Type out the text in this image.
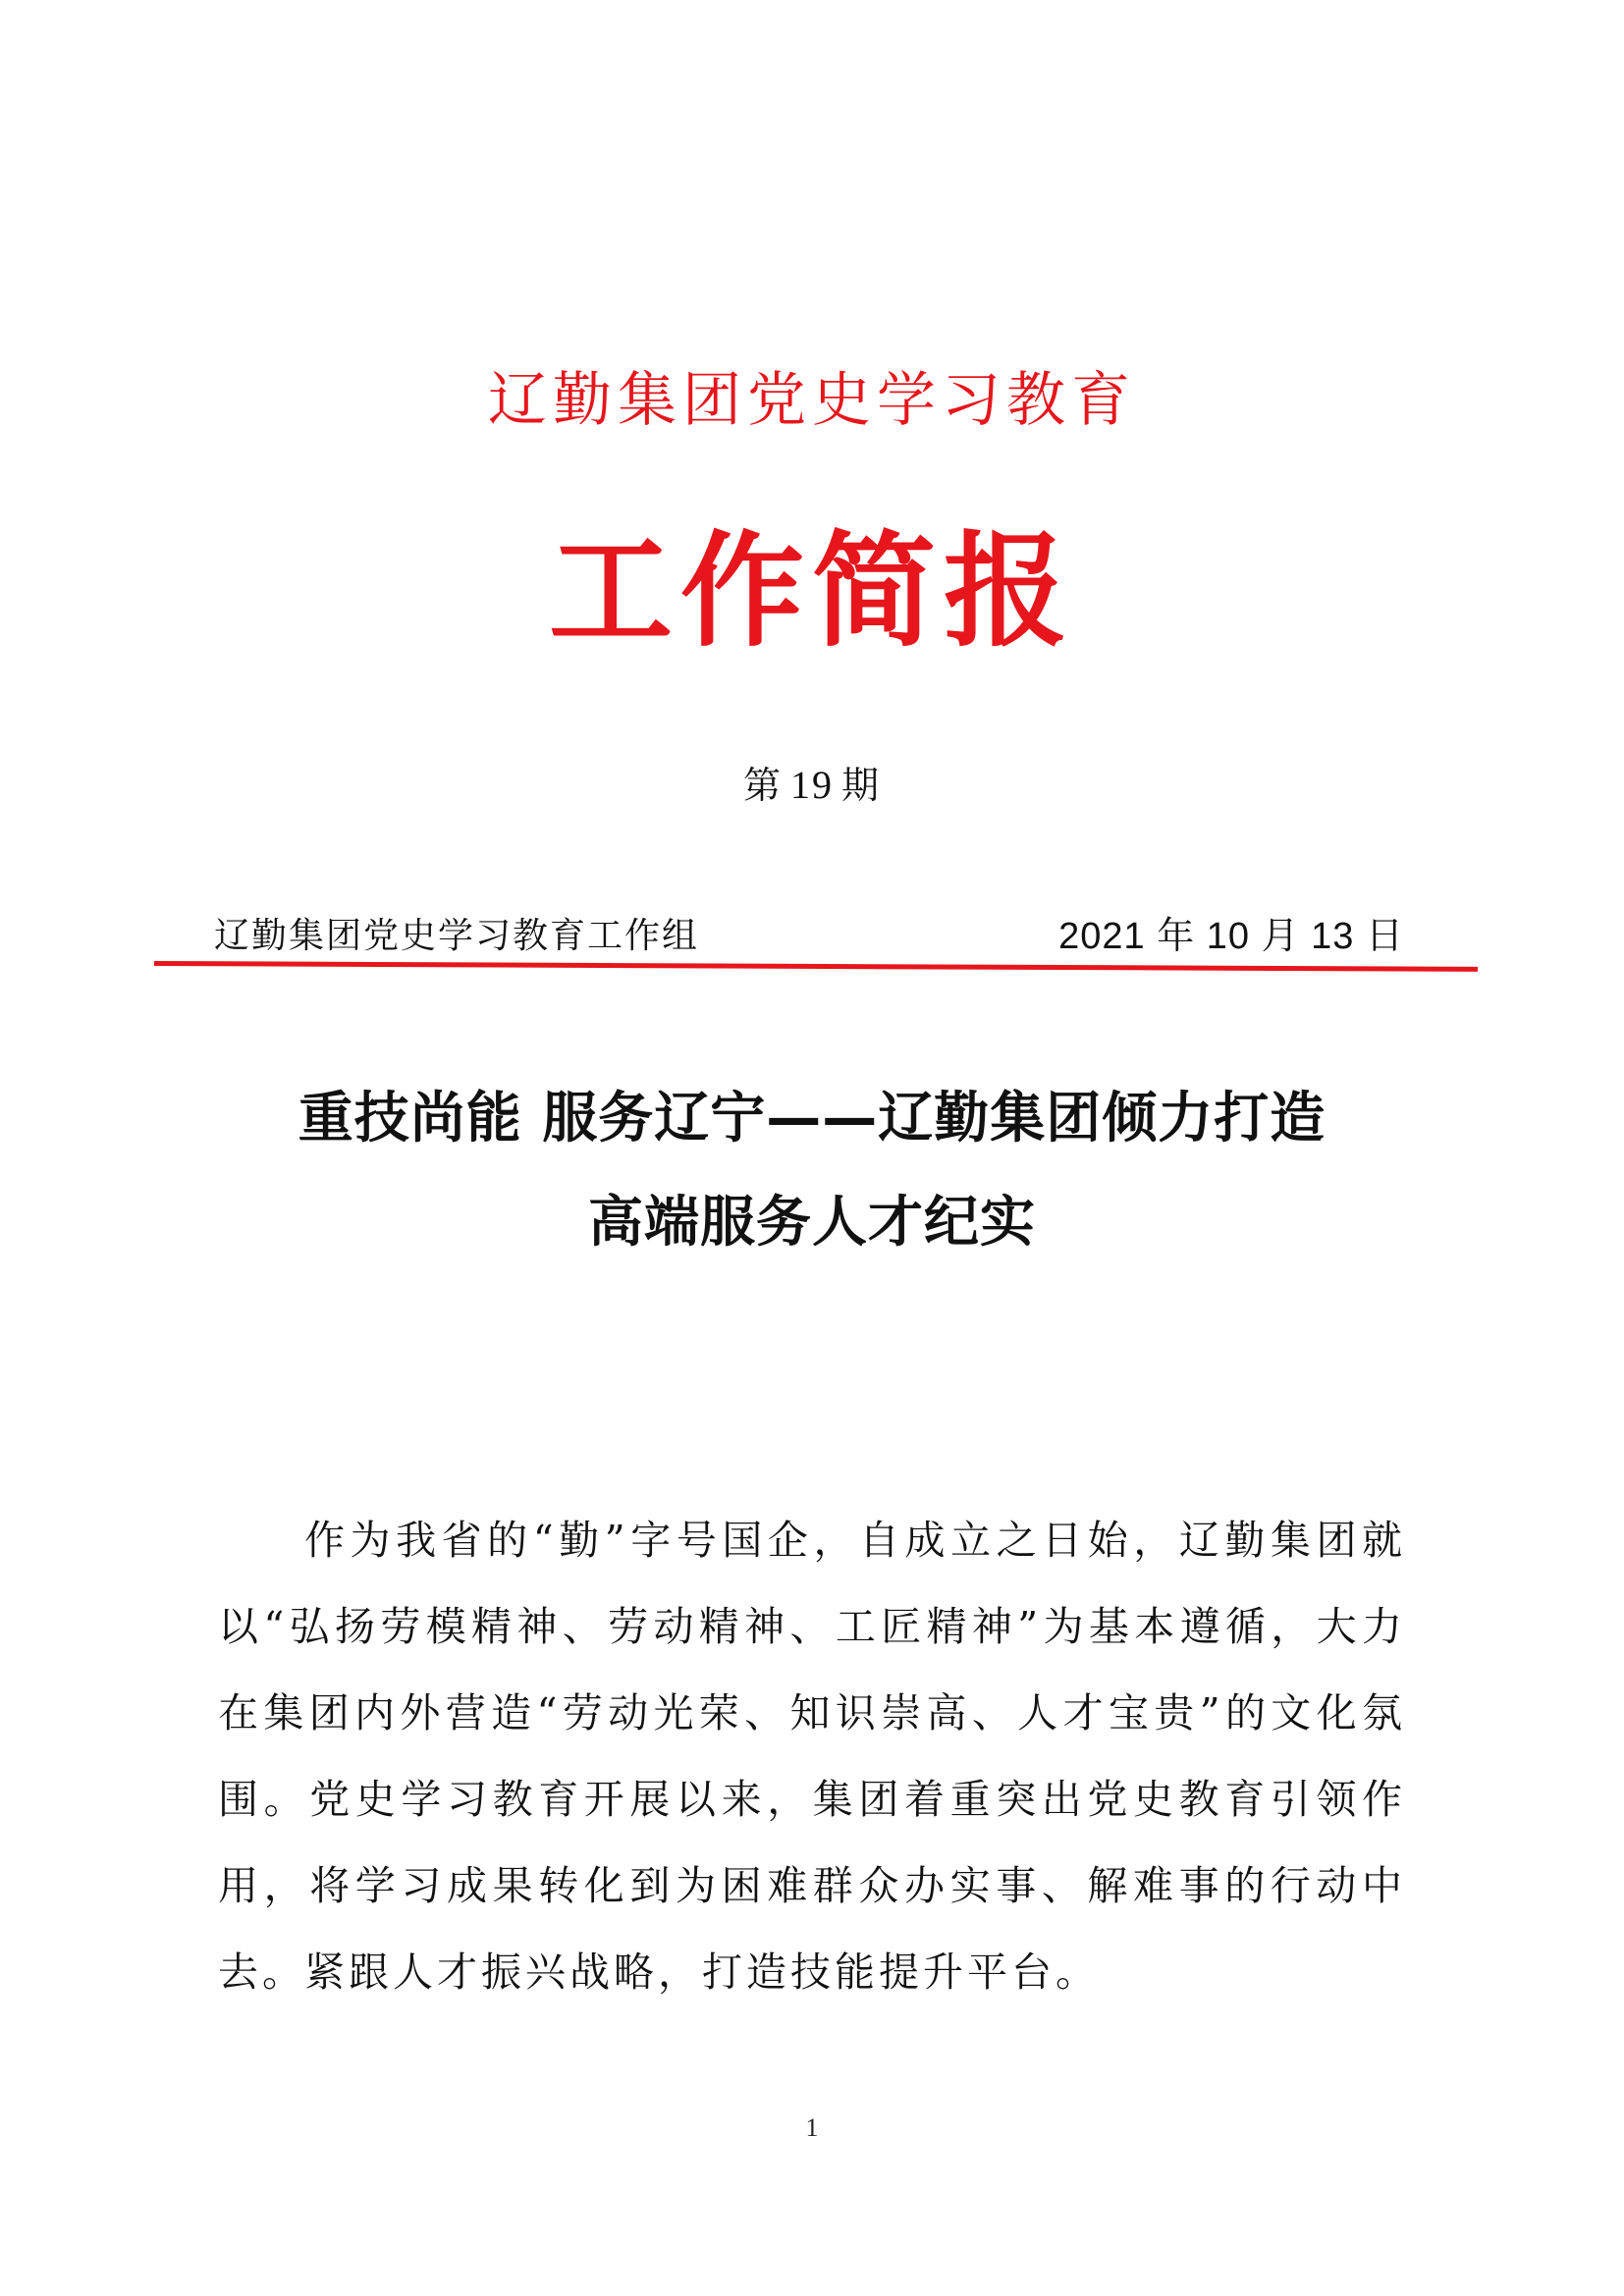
辽勤集团党史学习教育
工作简报
第 19 期
辽勤集团党史学习教育工作组	2021 年 10 月 13 日
重技尚能 服务辽宁——辽勤集团倾力打造
高端服务人才纪实

作为我省的“勤”字号国企，自成立之日始，辽勤集团就以“弘扬劳模精神、劳动精神、工匠精神”为基本遵循，大力在集团内外营造“劳动光荣、知识崇高、人才宝贵”的文化氛围。党史学习教育开展以来，集团着重突出党史教育引领作用，将学习成果转化到为困难群众办实事、解难事的行动中去。

紧跟人才振兴战略，打造技能提升平台。

1
